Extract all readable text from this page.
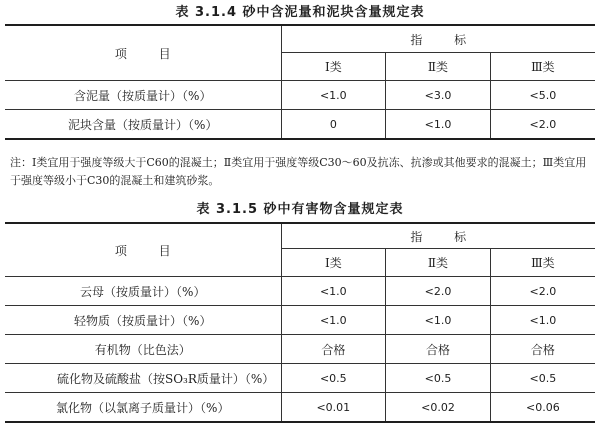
表 3.1.4 砂中含泥量和泥块含量规定表
项 目	指 标		
	Ⅰ类	Ⅱ类	Ⅲ类
含泥量（按质量计）（%）	<1.0	<3.0	<5.0
泥块含量（按质量计）（%）	0	<1.0	<2.0
注：Ⅰ类宜用于强度等级大于C60的混凝土；Ⅱ类宜用于强度等级C30～60及抗冻、抗渗或其他要求的混凝土；Ⅲ类宜用于强度等级小于C30的混凝土和建筑砂浆。
表 3.1.5 砂中有害物含量规定表
项 目	指 标		
	Ⅰ类	Ⅱ类	Ⅲ类
云母（按质量计）（%）	<1.0	<2.0	<2.0
轻物质（按质量计）（%）	<1.0	<1.0	<1.0
有机物（比色法）	合格	合格	合格
硫化物及硫酸盐（按SO₃R质量计）（%）	<0.5	<0.5	<0.5
氯化物（以氯离子质量计）（%）	<0.01	<0.02	<0.06
